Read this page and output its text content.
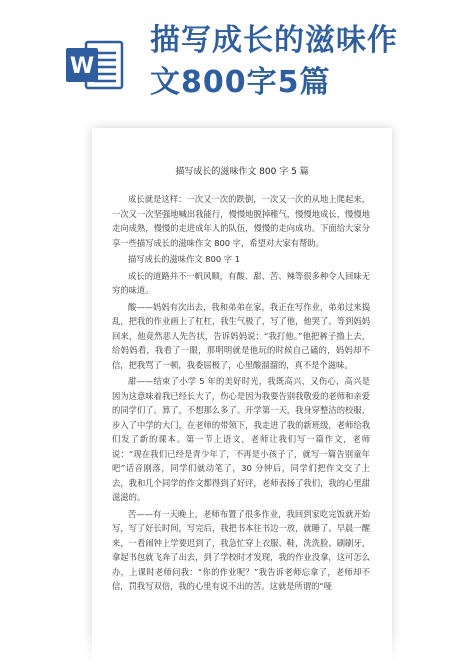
W
描写成长的滋味作
文800字5篇
描写成长的滋味作文 800 字 5 篇

成长就是这样：一次又一次的跌倒，一次又一次的从地上爬起来，一次又一次坚强地喊出我能行，慢慢地脱掉稚气，慢慢地成长，慢慢地走向成熟，慢慢的走进成年人的队伍，慢慢的走向成功。下面给大家分享一些描写成长的滋味作文 800 字，希望对大家有帮助。

描写成长的滋味作文 800 字 1

成长的道路并不一帆风顺，有酸、甜、苦、辣等很多种令人回味无穷的味道。

酸——妈妈有次出去，我和弟弟在家，我正在写作业，弟弟过来捣乱，把我的作业画上了杠杠，我生气极了，写了他，他哭了。等到妈妈回来，他竟然恶人先告状，告诉妈妈说：“我打他。”他把裤子撸上去，给妈妈看，我看了一眼，那明明就是他玩的时候自己磕的，妈妈却不信，把我骂了一顿，我委屈极了，心里酸溜溜的，真不是个滋味。

甜——结束了小学 5 年的美好时光，我既高兴，又伤心，高兴是因为这意味着我已经长大了，伤心是因为我要告别我敬爱的老师和亲爱的同学们了。算了，不想那么多了。开学第一天，我身穿整洁的校服，步入了中学的大门，在老师的带领下，我走进了我的新班级，老师给我们发了新的课本。第一节上语文，老师让我们写一篇作文，老师说：“现在我们已经是青少年了，不再是小孩子了，就写一篇告别童年吧”话音刚落，同学们就动笔了，30 分钟后，同学们把作文交了上去，我和几个同学的作文都得到了好评，老师表扬了我们，我的心里甜滋滋的。

苦——有一天晚上，老师布置了很多作业，我回到家吃完饭就开始写，写了好长时间，写完后，我把书本往书边一放，就睡了。早晨一醒来，一看闹钟上学要迟到了，我急忙穿上衣服、鞋，洗洗脸、刷刷牙，拿起书包就飞奔了出去，到了学校时才发现，我的作业没拿，这可怎么办，上课时老师问我：“你的作业呢？”我告诉老师忘拿了，老师却不信，罚我写双倍，我的心里有说不出的苦。这就是所谓的“哑
